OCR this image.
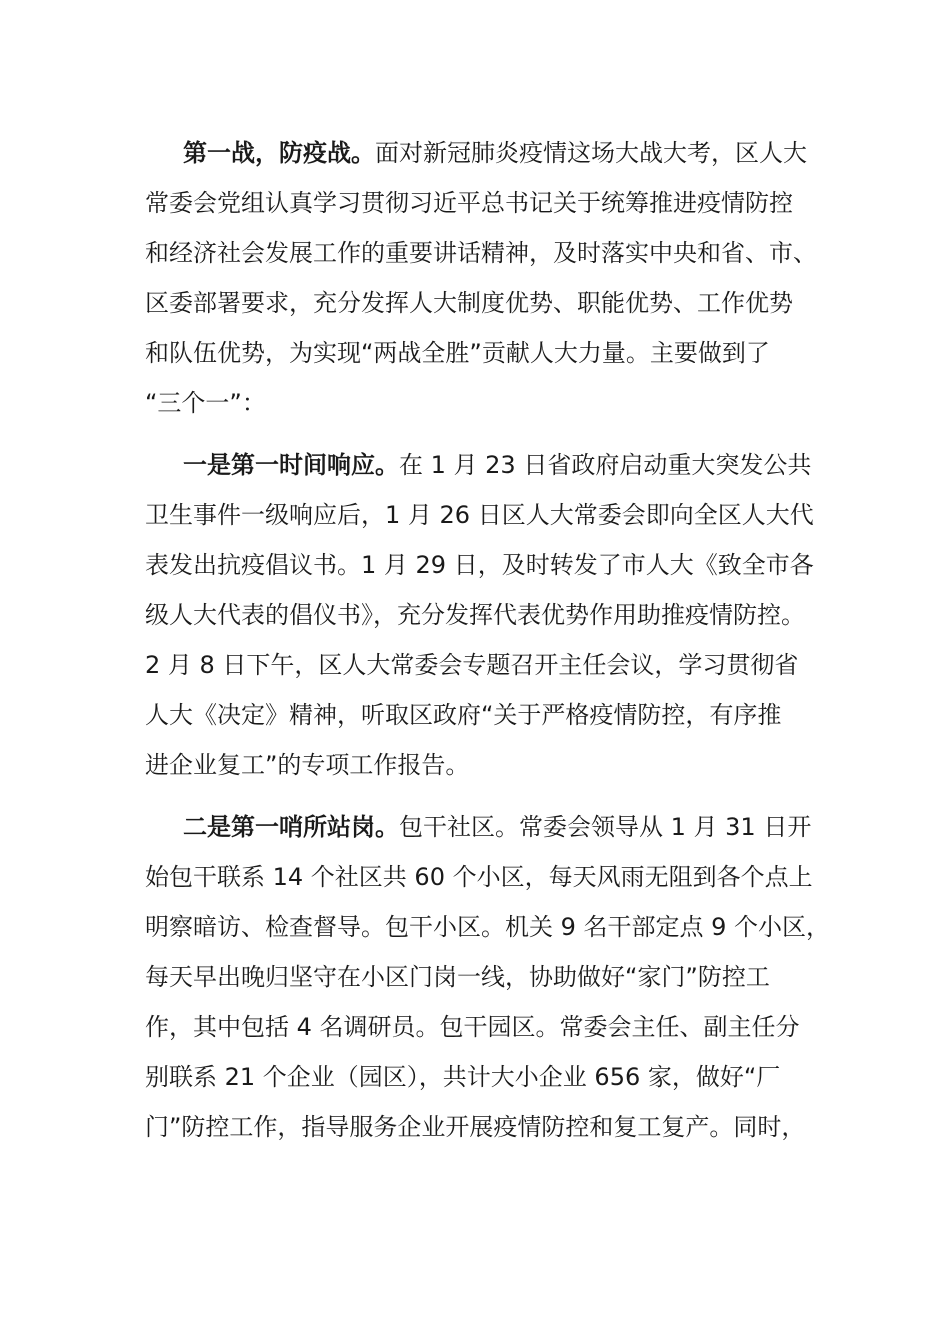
第一战，防疫战。面对新冠肺炎疫情这场大战大考，区人大
常委会党组认真学习贯彻习近平总书记关于统筹推进疫情防控
和经济社会发展工作的重要讲话精神，及时落实中央和省、市、
区委部署要求，充分发挥人大制度优势、职能优势、工作优势
和队伍优势，为实现“两战全胜”贡献人大力量。主要做到了
“三个一”：
一是第一时间响应。在 1 月 23 日省政府启动重大突发公共
卫生事件一级响应后，1 月 26 日区人大常委会即向全区人大代
表发出抗疫倡议书。1 月 29 日，及时转发了市人大《致全市各
级人大代表的倡仪书》，充分发挥代表优势作用助推疫情防控。
2 月 8 日下午，区人大常委会专题召开主任会议，学习贯彻省
人大《决定》精神，听取区政府“关于严格疫情防控，有序推
进企业复工”的专项工作报告。
二是第一哨所站岗。包干社区。常委会领导从 1 月 31 日开
始包干联系 14 个社区共 60 个小区，每天风雨无阻到各个点上
明察暗访、检查督导。包干小区。机关 9 名干部定点 9 个小区，
每天早出晚归坚守在小区门岗一线，协助做好“家门”防控工
作，其中包括 4 名调研员。包干园区。常委会主任、副主任分
别联系 21 个企业（园区），共计大小企业 656 家，做好“厂
门”防控工作，指导服务企业开展疫情防控和复工复产。同时，
